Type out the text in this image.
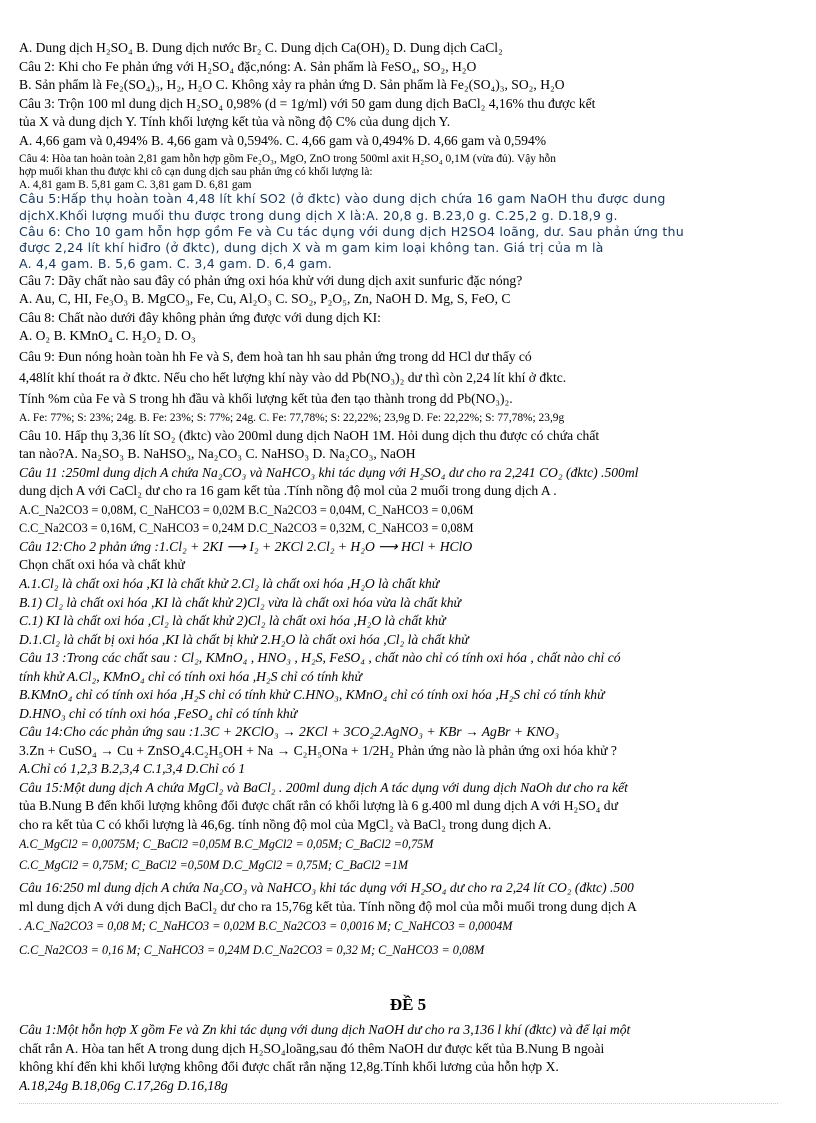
A. Dung dịch H₂SO₄ B. Dung dịch nước Br₂ C. Dung dịch Ca(OH)₂ D. Dung dịch CaCl₂
Câu 2: Khi cho Fe phản ứng với H₂SO₄ đặc,nóng: A. Sản phẩm là FeSO₄, SO₂, H₂O
B. Sản phẩm là Fe₂(SO₄)₃, H₂, H₂O C. Không xảy ra phản ứng D. Sản phẩm là Fe₂(SO₄)₃, SO₂, H₂O
Câu 3: Trộn 100 ml dung dịch H₂SO₄ 0,98% (d = 1g/ml) với 50 gam dung dịch BaCl₂ 4,16% thu được kết
tủa X và dung dịch Y. Tính khối lượng kết tủa và nồng độ C% của dung dịch Y.
A. 4,66 gam và 0,494% B. 4,66 gam và 0,594%. C. 4,66 gam và 0,494% D. 4,66 gam và 0,594%
Câu 4: Hòa tan hoàn toàn 2,81 gam hỗn hợp gồm Fe₂O₃, MgO, ZnO trong 500ml axit H₂SO₄ 0,1M (vừa đủ). Vậy hỗn
hợp muối khan thu được khi cô cạn dung dịch sau phản ứng có khối lượng là:
A. 4,81 gam B. 5,81 gam C. 3,81 gam D. 6,81 gam
Câu 5:Hấp thụ hoàn toàn 4,48 lít khí SO2 (ở đktc) vào dung dịch chứa 16 gam NaOH thu được dung
dịchX.Khối lượng muối thu được trong dung dịch X là:A. 20,8 g. B.23,0 g. C.25,2 g. D.18,9 g.
Câu 6: Cho 10 gam hỗn hợp gồm Fe và Cu tác dụng với dung dịch H2SO4 loãng, dư. Sau phản ứng thu
được 2,24 lít khí hiđro (ở đktc), dung dịch X và m gam kim loại không tan. Giá trị của m là
A. 4,4 gam. B. 5,6 gam. C. 3,4 gam. D. 6,4 gam.
Câu 7: Dãy chất nào sau đây có phản ứng oxi hóa khử với dung dịch axit sunfuric đặc nóng?
A. Au, C, HI, Fe₃O₃ B. MgCO₃, Fe, Cu, Al₂O₃ C. SO₂, P₂O₅, Zn, NaOH D. Mg, S, FeO, C
Câu 8: Chất nào dưới đây không phản ứng được với dung dịch KI:
A. O₂ B. KMnO₄ C. H₂O₂ D. O₃
Câu 9: Đun nóng hoàn toàn hh Fe và S, đem hoà tan hh sau phản ứng trong dd HCl dư thấy có
4,48lít khí thoát ra ở đktc. Nếu cho hết lượng khí này vào dd Pb(NO₃)₂ dư thì còn 2,24 lít khí ở đktc.
Tính %m của Fe và S trong hh đầu và khối lượng kết tủa đen tạo thành trong dd Pb(NO₃)₂.
A. Fe: 77%; S: 23%; 24g. B. Fe: 23%; S: 77%; 24g. C. Fe: 77,78%; S: 22,22%; 23,9g D. Fe: 22,22%; S: 77,78%; 23,9g
Câu 10. Hấp thụ 3,36 lít SO₂ (đktc) vào 200ml dung dịch NaOH 1M. Hỏi dung dịch thu được có chứa chất
tan nào?A. Na₂SO₃ B. NaHSO₃, Na₂CO₃ C. NaHSO₃ D. Na₂CO₃, NaOH
Câu 11 :250ml dung dịch A chứa Na₂CO₃ và NaHCO₃ khi tác dụng với H₂SO₄ dư cho ra 2,241 CO₂ (đktc) .500ml
dung dịch A với CaCl₂ dư cho ra 16 gam kết tủa .Tính nồng độ mol của 2 muối trong dung dịch A .
A.C_Na2CO3 = 0,08M, C_NaHCO3 = 0,02M B.C_Na2CO3 = 0,04M, C_NaHCO3 = 0,06M
C.C_Na2CO3 = 0,16M, C_NaHCO3 = 0,24M D.C_Na2CO3 = 0,32M, C_NaHCO3 = 0,08M
Câu 12:Cho 2 phản ứng :1.Cl₂ + 2KI ⟶ I₂ + 2KCl 2.Cl₂ + H₂O ⟶ HCl + HClO
Chọn chất oxi hóa và chất khử
A.1.Cl₂ là chất oxi hóa ,KI là chất khử 2.Cl₂ là chất oxi hóa ,H₂O là chất khử
B.1) Cl₂ là chất oxi hóa ,KI là chất khử 2)Cl₂ vừa là chất oxi hóa vừa là chất khử
C.1) KI là chất oxi hóa ,Cl₂ là chất khử 2)Cl₂ là chất oxi hóa ,H₂O là chất khử
D.1.Cl₂ là chất bị oxi hóa ,KI là chất bị khử 2.H₂O là chất oxi hóa ,Cl₂ là chất khử
Câu 13 :Trong các chất sau : Cl₂, KMnO₄ , HNO₃ , H₂S, FeSO₄ , chất nào chỉ có tính oxi hóa , chất nào chỉ có
tính khử A.Cl₂, KMnO₄ chỉ có tính oxi hóa ,H₂S chỉ có tính khử
B.KMnO₄ chỉ có tính oxi hóa ,H₂S chỉ có tính khử C.HNO₃, KMnO₄ chỉ có tính oxi hóa ,H₂S chỉ có tính khử
D.HNO₃ chỉ có tính oxi hóa ,FeSO₄ chỉ có tính khử
Câu 14:Cho các phản ứng sau :1.3C + 2KClO₃ → 2KCl + 3CO₂2.AgNO₃ + KBr → AgBr + KNO₃
3.Zn + CuSO₄ → Cu + ZnSO₄4.C₂H₅OH + Na → C₂H₅ONa + 1/2H₂ Phản ứng nào là phản ứng oxi hóa khử ?
A.Chỉ có 1,2,3 B.2,3,4 C.1,3,4 D.Chỉ có 1
Câu 15:Một dung dịch A chứa MgCl₂ và BaCl₂ . 200ml dung dịch A tác dụng với dung dịch NaOh dư cho ra kết
tủa B.Nung B đến khối lượng không đổi được chất rắn có khối lượng là 6 g.400 ml dung dịch A với H₂SO₄ dư
cho ra kết tủa C có khối lượng là 46,6g. tính nồng độ mol của MgCl₂ và BaCl₂ trong dung dịch A.
A.C_MgCl2 = 0,0075M; C_BaCl2 =0,05M B.C_MgCl2 = 0,05M; C_BaCl2 =0,75M
C.C_MgCl2 = 0,75M; C_BaCl2 =0,50M D.C_MgCl2 = 0,75M; C_BaCl2 =1M
Câu 16:250 ml dung dịch A chứa Na₂CO₃ và NaHCO₃ khi tác dụng với H₂SO₄ dư cho ra 2,24 lít CO₂ (đktc) .500
ml dung dịch A với dung dịch BaCl₂ dư cho ra 15,76g kết tủa. Tính nồng độ mol của mỗi muối trong dung dịch A
. A.C_Na2CO3 = 0,08 M; C_NaHCO3 = 0,02M B.C_Na2CO3 = 0,0016 M; C_NaHCO3 = 0,0004M
C.C_Na2CO3 = 0,16 M; C_NaHCO3 = 0,24M D.C_Na2CO3 = 0,32 M; C_NaHCO3 = 0,08M
ĐỀ 5
Câu 1:Một hỗn hợp X gồm Fe và Zn khi tác dụng với dung dịch NaOH dư cho ra 3,136 l khí (đktc) và để lại một
chất rắn A. Hòa tan hết A trong dung dịch H₂SO₄loãng,sau đó thêm NaOH dư được kết tủa B.Nung B ngoài
không khí đến khi khối lượng không đổi được chất rắn nặng 12,8g.Tính khối lương của hỗn hợp X.
A.18,24g B.18,06g C.17,26g D.16,18g
